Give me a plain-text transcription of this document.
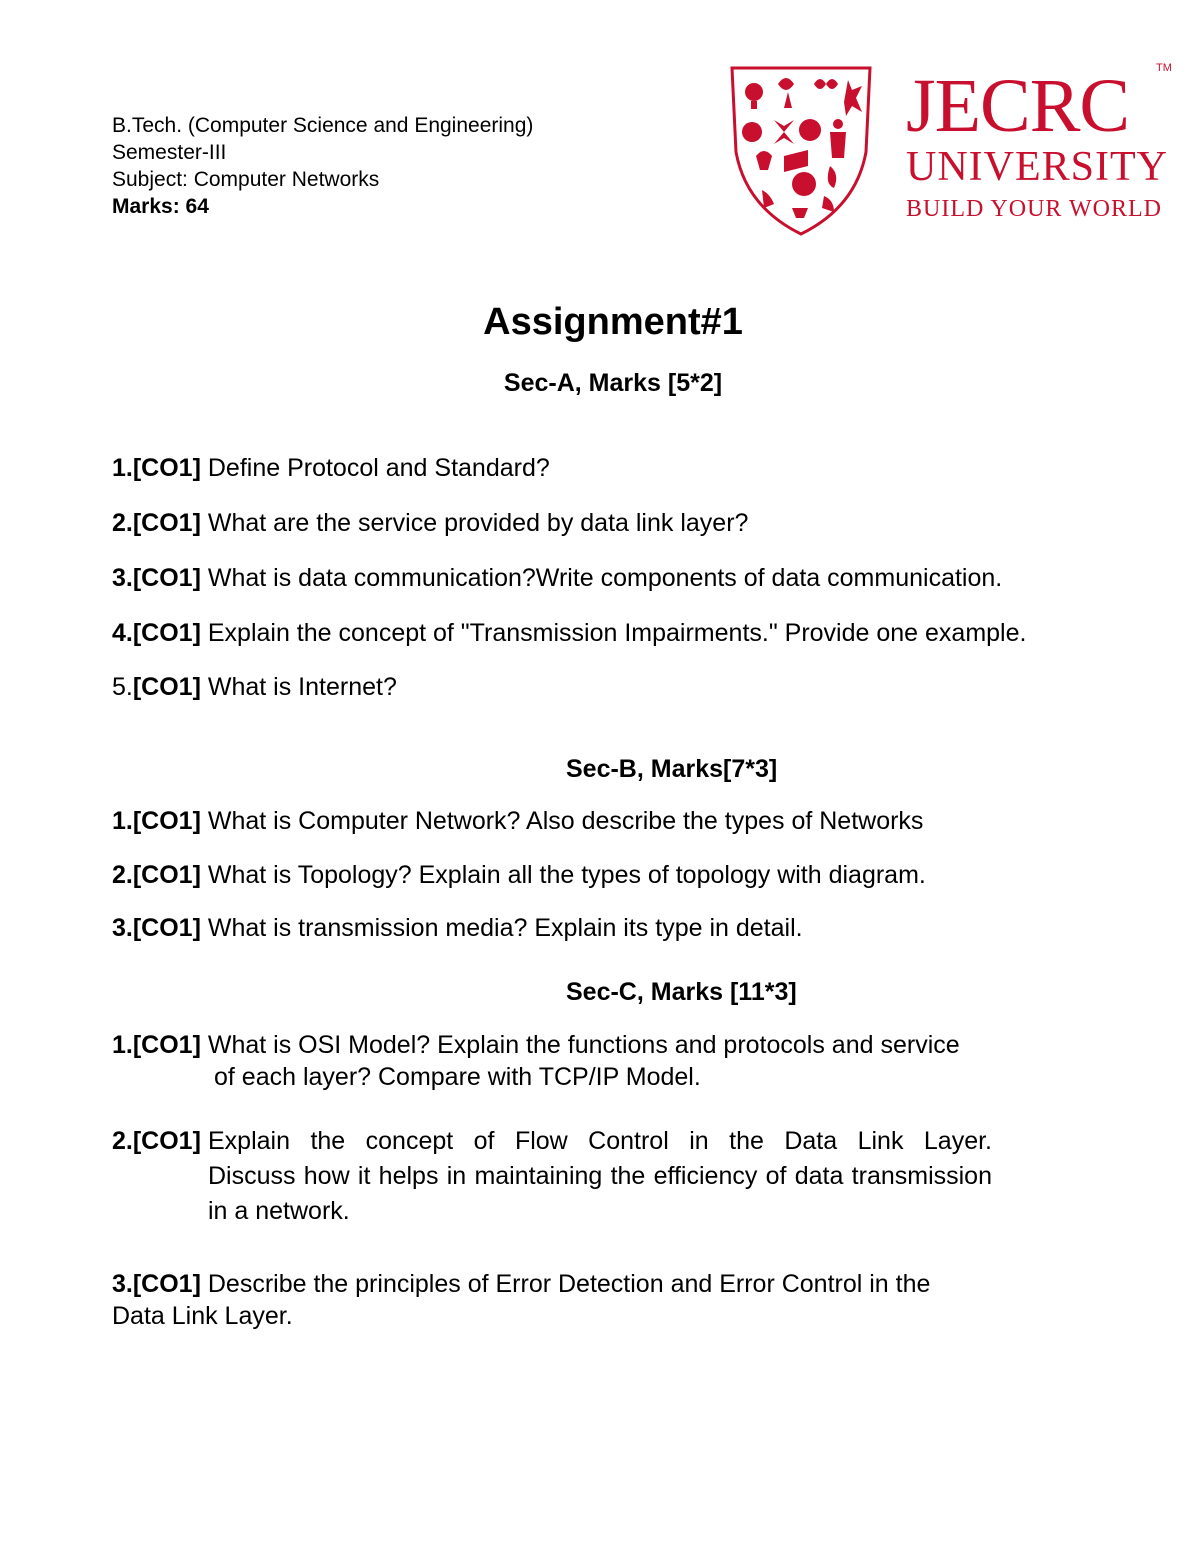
B.Tech. (Computer Science and Engineering)
Semester-III
Subject: Computer Networks
Marks: 64
JECRC TM
UNIVERSITY
BUILD YOUR WORLD
Assignment#1
Sec-A, Marks [5*2]
1.[CO1] Define Protocol and Standard?
2.[CO1] What are the service provided by data link layer?
3.[CO1] What is data communication?Write components of data communication.
4.[CO1] Explain the concept of "Transmission Impairments." Provide one example.
5.[CO1] What is Internet?
Sec-B, Marks[7*3]
1.[CO1] What is Computer Network? Also describe the types of Networks
2.[CO1] What is Topology? Explain all the types of topology with diagram.
3.[CO1] What is transmission media? Explain its type in detail.
Sec-C, Marks [11*3]
1.[CO1] What is OSI Model? Explain the functions and protocols and service
of each layer? Compare with TCP/IP Model.
2.[CO1] Explain the concept of Flow Control in the Data Link Layer.
Discuss how it helps in maintaining the efficiency of data transmission in a network.
3.[CO1] Describe the principles of Error Detection and Error Control in the
Data Link Layer.
